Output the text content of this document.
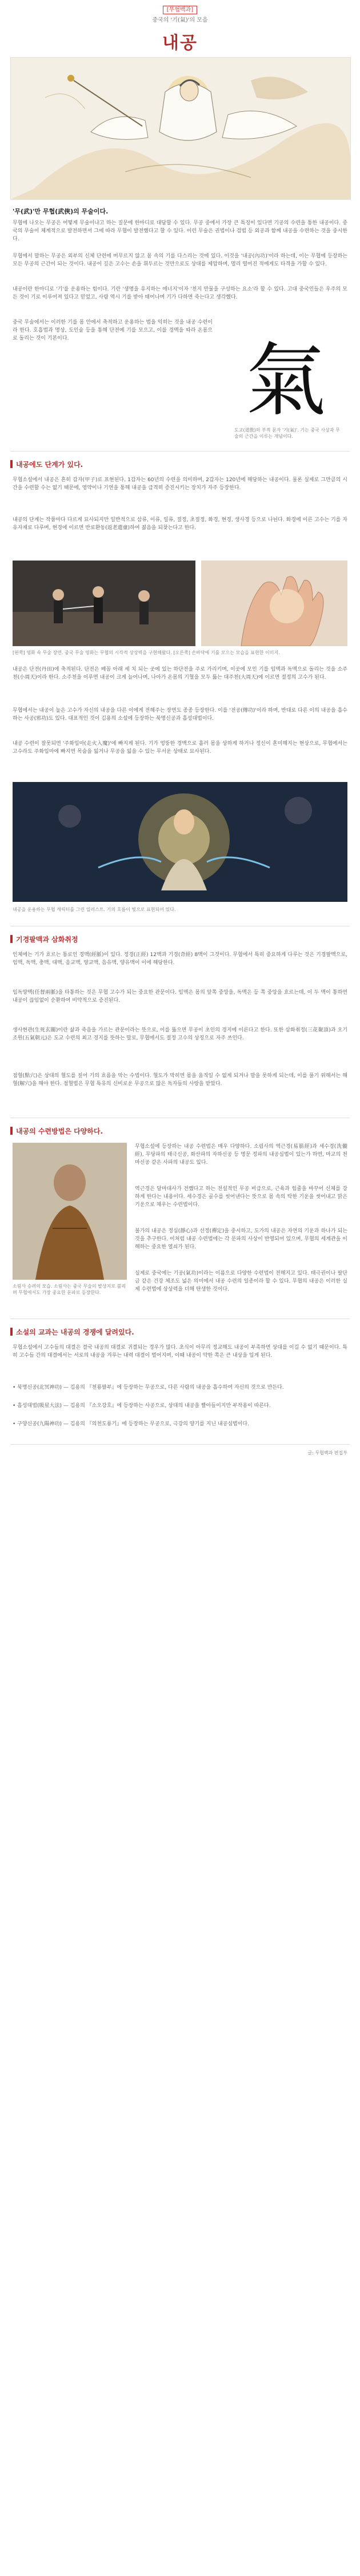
[무협백과]
중국의 '기(氣)'의 모음
내공
'무(武)'만 무협(武俠)의 무술이다.
무협에 나오는 무공은 어떻게 무술이냐고 하는 질문에 한마디로 대답할 수 있다. 무공 중에서 가장 큰 특징이 있다면 기공의 수련을 통한 내공이다. 중국의 무술이 체계적으로 발전하면서 그에 따라 무협이 발전했다고 할 수 있다. 이런 무술은 권법이나 검법 등 외공과 함께 내공을 수련하는 것을 중시한다.
무협에서 말하는 무공은 외부의 신체 단련에 머무르지 않고 몸 속의 기를 다스리는 것에 있다. 이것을 '내공(內功)'이라 하는데, 이는 무협에 등장하는 모든 무공의 근간이 되는 것이다. 내공이 깊은 고수는 손을 휘두르는 것만으로도 상대를 제압하며, 멀리 떨어진 적에게도 타격을 가할 수 있다.
내공이란 한마디로 '기'를 운용하는 힘이다. 기란 '생명을 유지하는 에너지'이자 '천지 만물을 구성하는 요소'라 할 수 있다. 고대 중국인들은 우주의 모든 것이 기로 이루어져 있다고 믿었고, 사람 역시 기를 받아 태어나며 기가 다하면 죽는다고 생각했다.
중국 무술에서는 이러한 기를 몸 안에서 축적하고 운용하는 법을 익히는 것을 내공 수련이라 한다. 호흡법과 명상, 도인술 등을 통해 단전에 기를 모으고, 이를 경맥을 따라 온몸으로 돌리는 것이 기본이다.	氣
도교(道敎)의 부적 문자 '기(氣)'. 기는 중국 사상과 무술의 근간을 이루는 개념이다.
내공에도 단계가 있다.
무협소설에서 내공은 흔히 갑자(甲子)로 표현된다. 1갑자는 60년의 수련을 의미하며, 2갑자는 120년에 해당하는 내공이다. 물론 실제로 그만큼의 시간을 수련할 수는 없기 때문에, 영약이나 기연을 통해 내공을 급격히 증진시키는 장치가 자주 등장한다.
내공의 단계는 작품마다 다르게 묘사되지만 일반적으로 삼류, 이류, 일류, 절정, 초절정, 화경, 현경, 생사경 등으로 나뉜다. 화경에 이른 고수는 기를 자유자재로 다루며, 현경에 이르면 반로환동(返老還童)하여 젊음을 되찾는다고 한다.
[왼쪽] 영화 속 무술 장면. 중국 무술 영화는 무협의 시각적 상상력을 구현해왔다. [오른쪽] 손바닥에 기를 모으는 모습을 표현한 이미지.
내공은 단전(丹田)에 축적된다. 단전은 배꼽 아래 세 치 되는 곳에 있는 하단전을 주로 가리키며, 이곳에 모인 기를 임맥과 독맥으로 돌리는 것을 소주천(小周天)이라 한다. 소주천을 이루면 내공이 크게 늘어나며, 나아가 온몸의 기혈을 모두 뚫는 대주천(大周天)에 이르면 절정의 고수가 된다.
무협에서는 내공이 높은 고수가 자신의 내공을 다른 이에게 전해주는 장면도 종종 등장한다. 이를 '전공(傳功)'이라 하며, 반대로 다른 이의 내공을 흡수하는 사공(邪功)도 있다. 대표적인 것이 김용의 소설에 등장하는 북명신공과 흡성대법이다.
내공 수련이 잘못되면 '주화입마(走火入魔)'에 빠지게 된다. 기가 엉뚱한 경맥으로 흘러 몸을 상하게 하거나 정신이 혼미해지는 현상으로, 무협에서는 고수라도 주화입마에 빠지면 목숨을 잃거나 무공을 잃을 수 있는 무서운 상태로 묘사된다.
내공을 운용하는 무협 캐릭터를 그린 일러스트. 기의 흐름이 빛으로 표현되어 있다.
기경팔맥과 삼화취정
인체에는 기가 흐르는 통로인 경맥(經脈)이 있다. 정경(正經) 12맥과 기경(奇經) 8맥이 그것이다. 무협에서 특히 중요하게 다루는 것은 기경팔맥으로, 임맥, 독맥, 충맥, 대맥, 음교맥, 양교맥, 음유맥, 양유맥이 이에 해당한다.
임독양맥(任督兩脈)을 타통하는 것은 무협 고수가 되는 중요한 관문이다. 임맥은 몸의 앞쪽 중앙을, 독맥은 등 쪽 중앙을 흐르는데, 이 두 맥이 통하면 내공이 끊임없이 순환하여 비약적으로 증진된다.
생사현관(生死玄關)이란 삶과 죽음을 가르는 관문이라는 뜻으로, 이를 뚫으면 무공이 초인의 경지에 이른다고 한다. 또한 삼화취정(三花聚頂)과 오기조원(五氣朝元)은 도교 수련의 최고 경지를 뜻하는 말로, 무협에서도 절정 고수의 상징으로 자주 쓰인다.
점혈(點穴)은 상대의 혈도를 짚어 기의 흐름을 막는 수법이다. 혈도가 막히면 몸을 움직일 수 없게 되거나 말을 못하게 되는데, 이를 풀기 위해서는 해혈(解穴)을 해야 한다. 점혈법은 무협 특유의 신비로운 무공으로 많은 독자들의 사랑을 받았다.
내공의 수련방법은 다양하다.
소림사 승려의 모습. 소림사는 중국 무술의 발상지로 불리며 무협에서도 가장 중요한 문파로 등장한다.
무협소설에 등장하는 내공 수련법은 매우 다양하다. 소림사의 역근경(易筋經)과 세수경(洗髓經), 무당파의 태극신공, 화산파의 자하신공 등 명문 정파의 내공심법이 있는가 하면, 마교의 천마신공 같은 사파의 내공도 있다.
역근경은 달마대사가 전했다고 하는 전설적인 무공 비급으로, 근육과 힘줄을 바꾸어 신체를 강하게 한다는 내용이다. 세수경은 골수를 씻어낸다는 뜻으로 몸 속의 탁한 기운을 씻어내고 맑은 기운으로 채우는 수련법이다.
불가의 내공은 정심(靜心)과 선정(禪定)을 중시하고, 도가의 내공은 자연의 기운과 하나가 되는 것을 추구한다. 이처럼 내공 수련법에는 각 문파의 사상이 반영되어 있으며, 무협의 세계관을 이해하는 중요한 열쇠가 된다.
실제로 중국에는 기공(氣功)이라는 이름으로 다양한 수련법이 전해지고 있다. 태극권이나 팔단금 같은 건강 체조도 넓은 의미에서 내공 수련의 일종이라 할 수 있다. 무협의 내공은 이러한 실제 수련법에 상상력을 더해 탄생한 것이다.
소설의 교과는 내공의 경쟁에 달려있다.
무협소설에서 고수들의 대결은 결국 내공의 대결로 귀결되는 경우가 많다. 초식이 아무리 정교해도 내공이 부족하면 상대를 이길 수 없기 때문이다. 특히 고수들 간의 대결에서는 서로의 내공을 겨루는 내력 대결이 벌어지며, 이때 내공이 약한 쪽은 큰 내상을 입게 된다.
• 북명신공(北冥神功) — 김용의 『천룡팔부』에 등장하는 무공으로, 다른 사람의 내공을 흡수하여 자신의 것으로 만든다.
• 흡성대법(吸星大法) — 김용의 『소오강호』에 등장하는 사공으로, 상대의 내공을 빨아들이지만 부작용이 따른다.
• 구양신공(九陽神功) — 김용의 『의천도룡기』에 등장하는 무공으로, 극강의 양기를 지닌 내공심법이다.
글: 무협백과 편집부
